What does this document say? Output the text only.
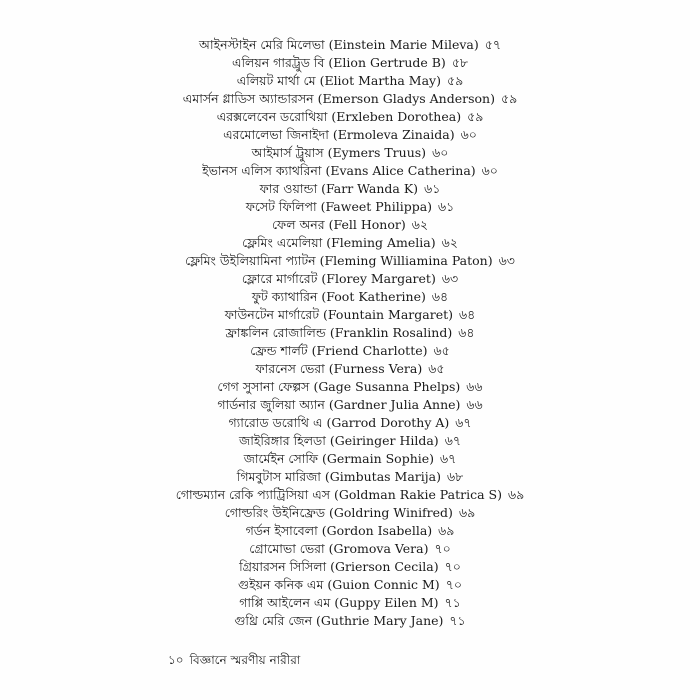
আইনস্টাইন মেরি মিলেভা (Einstein Marie Mileva) ৫৭
এলিয়ন গারট্রুড বি (Elion Gertrude B) ৫৮
এলিয়ট মার্থা মে (Eliot Martha May) ৫৯
এমার্সন গ্লাডিস অ্যান্ডারসন (Emerson Gladys Anderson) ৫৯
এরক্সলেবেন ডরোথিয়া (Erxleben Dorothea) ৫৯
এরমোলেভা জিনাইদা (Ermoleva Zinaida) ৬০
আইমার্স ট্রুয়াস (Eymers Truus) ৬০
ইভানস এলিস ক্যাথরিনা (Evans Alice Catherina) ৬০
ফার ওয়ান্ডা (Farr Wanda K) ৬১
ফসেট ফিলিপা (Faweet Philippa) ৬১
ফেল অনর (Fell Honor) ৬২
ফ্লেমিং এমেলিয়া (Fleming Amelia) ৬২
ফ্লেমিং উইলিয়ামিনা প্যাটন (Fleming Williamina Paton) ৬৩
ফ্লোরে মার্গারেট (Florey Margaret) ৬৩
ফুট ক্যাথারিন (Foot Katherine) ৬৪
ফাউনটেন মার্গারেট (Fountain Margaret) ৬৪
ফ্রাঙ্কলিন রোজালিন্ড (Franklin Rosalind) ৬৪
ফ্রেন্ড শার্লট (Friend Charlotte) ৬৫
ফারনেস ভেরা (Furness Vera) ৬৫
গেগ সুসানা ফেল্পস (Gage Susanna Phelps) ৬৬
গার্ডনার জুলিয়া অ্যান (Gardner Julia Anne) ৬৬
গ্যারোড ডরোথি এ (Garrod Dorothy A) ৬৭
জাইরিঙ্গার হিলডা (Geiringer Hilda) ৬৭
জার্মেইন সোফি (Germain Sophie) ৬৭
গিমবুটাস মারিজা (Gimbutas Marija) ৬৮
গোল্ডম্যান রেকি প্যাট্রিসিয়া এস (Goldman Rakie Patrica S) ৬৯
গোল্ডরিং উইনিফ্রেড (Goldring Winifred) ৬৯
গর্ডন ইসাবেলা (Gordon Isabella) ৬৯
গ্রোমোভা ভেরা (Gromova Vera) ৭০
গ্রিয়ারসন সিসিলা (Grierson Cecila) ৭০
গুইয়ন কনিক এম (Guion Connic M) ৭০
গাপ্পি আইলেন এম (Guppy Eilen M) ৭১
গুথ্রি মেরি জেন (Guthrie Mary Jane) ৭১
১০ বিজ্ঞানে স্মরণীয় নারীরা
